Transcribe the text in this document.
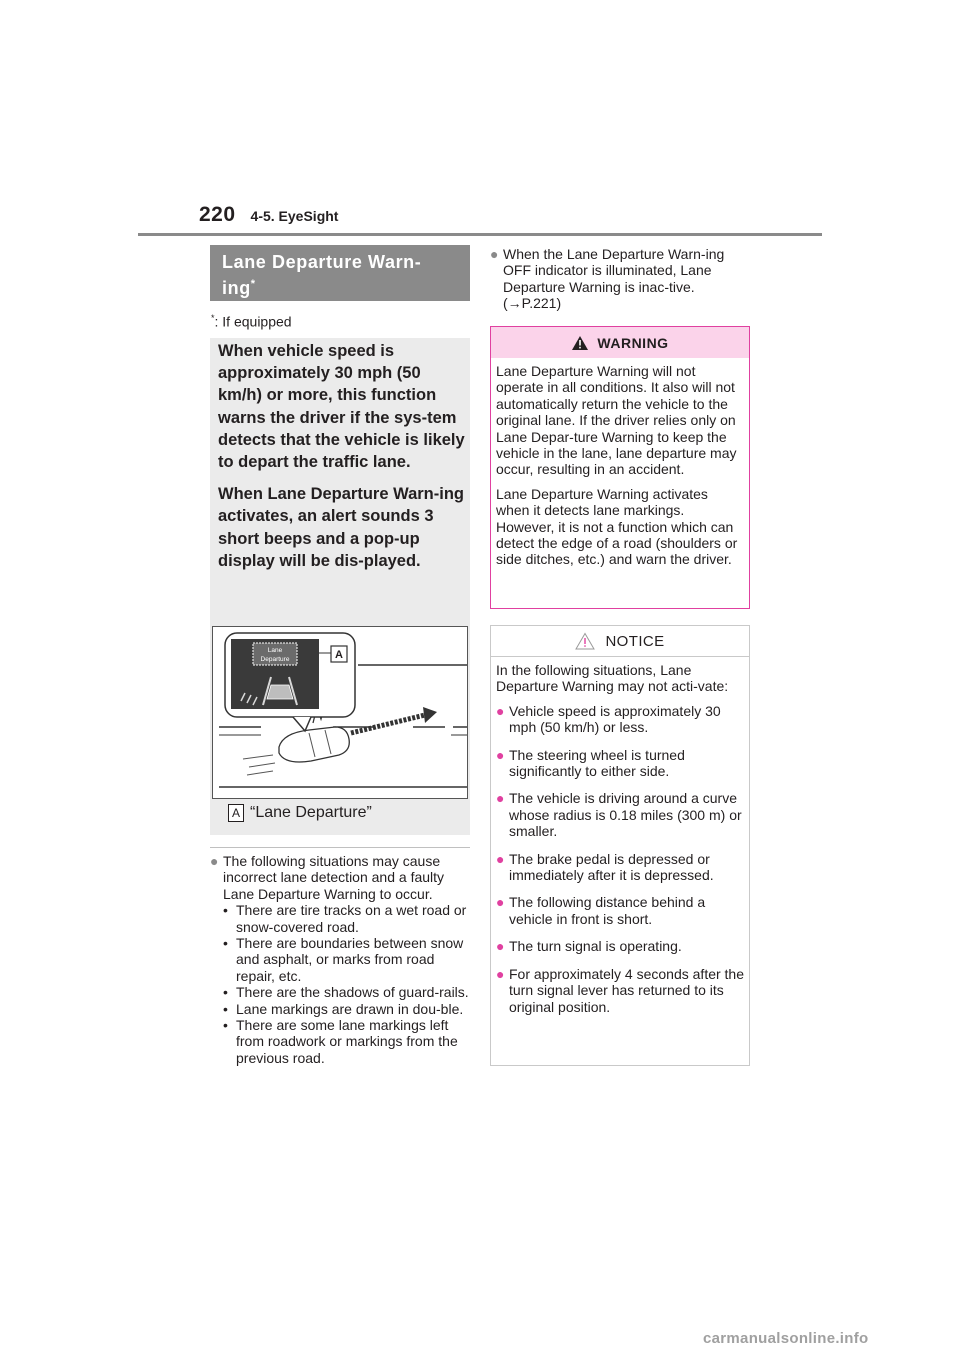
220 4-5. EyeSight
Lane Departure Warn-
ing*
*: If equipped

When vehicle speed is approximately 30 mph (50 km/h) or more, this function warns the driver if the sys-tem detects that the vehicle is likely to depart the traffic lane.

When Lane Departure Warn-ing activates, an alert sounds 3 short beeps and a pop-up display will be dis-played.

Lane
Departure	A
A “Lane Departure”
● The following situations may cause incorrect lane detection and a faulty Lane Departure Warning to occur.
• There are tire tracks on a wet road or snow-covered road.
• There are boundaries between snow and asphalt, or marks from road repair, etc.
• There are the shadows of guard-rails.
• Lane markings are drawn in dou-ble.
• There are some lane markings left from roadwork or markings from the previous road.
● When the Lane Departure Warn-ing OFF indicator is illuminated, Lane Departure Warning is inac-tive. (→P.221)
WARNING

Lane Departure Warning will not operate in all conditions. It also will not automatically return the vehicle to the original lane. If the driver relies only on Lane Depar-ture Warning to keep the vehicle in the lane, lane departure may occur, resulting in an accident.

Lane Departure Warning activates when it detects lane markings. However, it is not a function which can detect the edge of a road (shoulders or side ditches, etc.) and warn the driver.

NOTICE

In the following situations, Lane Departure Warning may not acti-vate:

● Vehicle speed is approximately 30 mph (50 km/h) or less.
● The steering wheel is turned significantly to either side.
● The vehicle is driving around a curve whose radius is 0.18 miles (300 m) or smaller.
● The brake pedal is depressed or immediately after it is depressed.
● The following distance behind a vehicle in front is short.
● The turn signal is operating.
● For approximately 4 seconds after the turn signal lever has returned to its original position.
carmanualsonline.info
